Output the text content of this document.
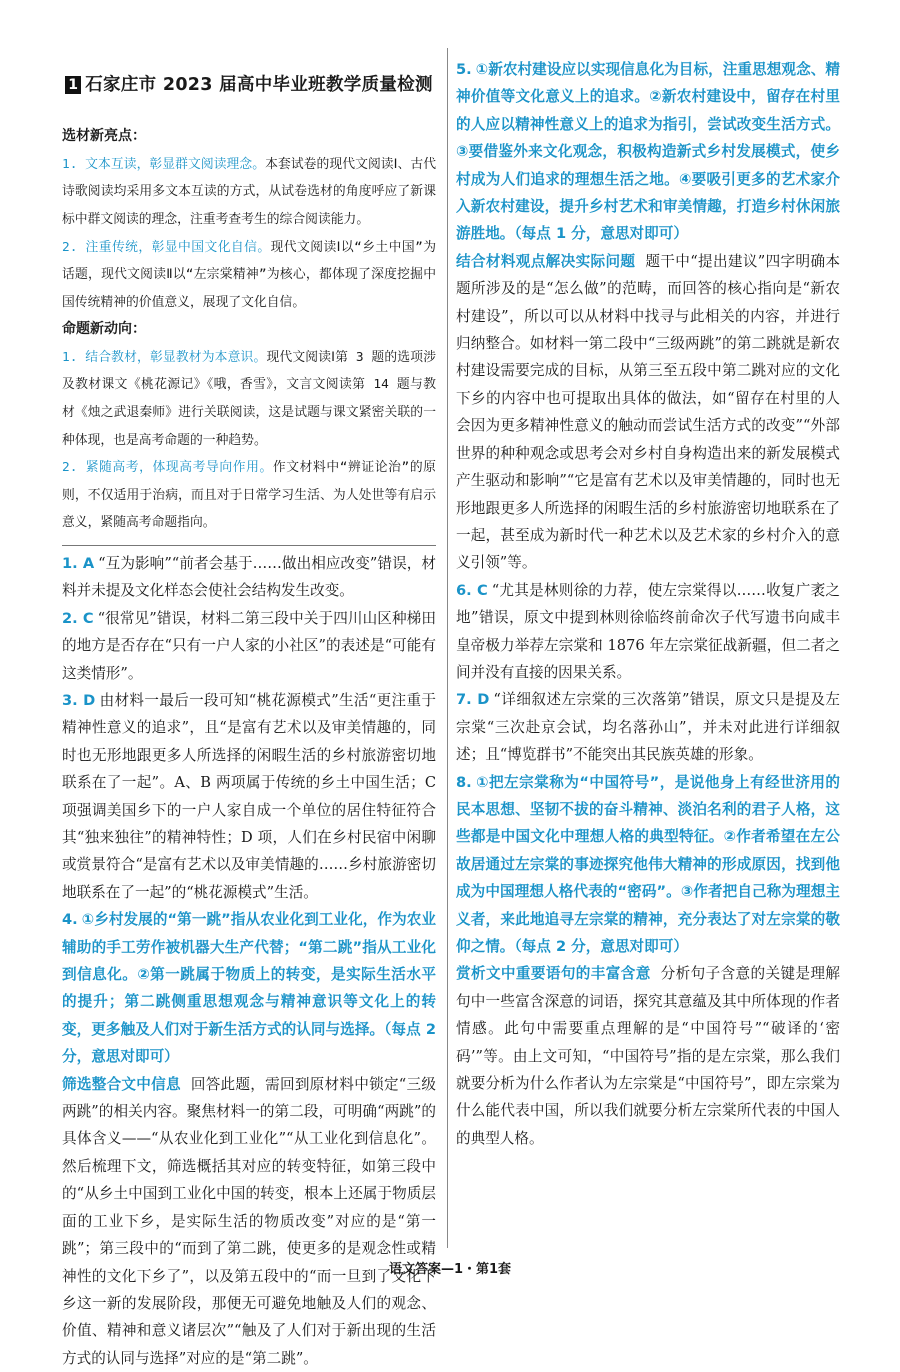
1 石家庄市 2023 届高中毕业班教学质量检测
选材新亮点：

1. 文本互读，彰显群文阅读理念。本套试卷的现代文阅读Ⅰ、古代诗歌阅读均采用多文本互读的方式，从试卷选材的角度呼应了新课标中群文阅读的理念，注重考查考生的综合阅读能力。

2. 注重传统，彰显中国文化自信。现代文阅读Ⅰ以“乡土中国”为话题，现代文阅读Ⅱ以“左宗棠精神”为核心，都体现了深度挖掘中国传统精神的价值意义，展现了文化自信。

命题新动向：

1. 结合教材，彰显教材为本意识。现代文阅读Ⅰ第 3 题的选项涉及教材课文《桃花源记》《哦，香雪》，文言文阅读第 14 题与教材《烛之武退秦师》进行关联阅读，这是试题与课文紧密关联的一种体现，也是高考命题的一种趋势。

2. 紧随高考，体现高考导向作用。作文材料中“辨证论治”的原则，不仅适用于治病，而且对于日常学习生活、为人处世等有启示意义，紧随高考命题指向。

1. A “互为影响”“前者会基于……做出相应改变”错误，材料并未提及文化样态会使社会结构发生改变。

2. C “很常见”错误，材料二第三段中关于四川山区种梯田的地方是否存在“只有一户人家的小社区”的表述是“可能有这类情形”。

3. D 由材料一最后一段可知“桃花源模式”生活“更注重于精神性意义的追求”，且“是富有艺术以及审美情趣的，同时也无形地跟更多人所选择的闲暇生活的乡村旅游密切地联系在了一起”。A、B 两项属于传统的乡土中国生活；C 项强调美国乡下的一户人家自成一个单位的居住特征符合其“独来独往”的精神特性；D 项，人们在乡村民宿中闲聊或赏景符合“是富有艺术以及审美情趣的……乡村旅游密切地联系在了一起”的“桃花源模式”生活。

4. ①乡村发展的“第一跳”指从农业化到工业化，作为农业辅助的手工劳作被机器大生产代替；“第二跳”指从工业化到信息化。②第一跳属于物质上的转变，是实际生活水平的提升；第二跳侧重思想观念与精神意识等文化上的转变，更多触及人们对于新生活方式的认同与选择。（每点 2 分，意思对即可）

筛选整合文中信息 回答此题，需回到原材料中锁定“三级两跳”的相关内容。聚焦材料一的第二段，可明确“两跳”的具体含义——“从农业化到工业化”“从工业化到信息化”。然后梳理下文，筛选概括其对应的转变特征，如第三段中的“从乡土中国到工业化中国的转变，根本上还属于物质层面的工业下乡，是实际生活的物质改变”对应的是“第一跳”；第三段中的“而到了第二跳，使更多的是观念性或精神性的文化下乡了”，以及第五段中的“而一旦到了文化下乡这一新的发展阶段，那便无可避免地触及人们的观念、价值、精神和意义诸层次”“触及了人们对于新出现的生活方式的认同与选择”对应的是“第二跳”。

5. ①新农村建设应以实现信息化为目标，注重思想观念、精神价值等文化意义上的追求。②新农村建设中，留存在村里的人应以精神性意义上的追求为指引，尝试改变生活方式。③要借鉴外来文化观念，积极构造新式乡村发展模式，使乡村成为人们追求的理想生活之地。④要吸引更多的艺术家介入新农村建设，提升乡村艺术和审美情趣，打造乡村休闲旅游胜地。（每点 1 分，意思对即可）

结合材料观点解决实际问题 题干中“提出建议”四字明确本题所涉及的是“怎么做”的范畴，而回答的核心指向是“新农村建设”，所以可以从材料中找寻与此相关的内容，并进行归纳整合。如材料一第二段中“三级两跳”的第二跳就是新农村建设需要完成的目标，从第三至五段中第二跳对应的文化下乡的内容中也可提取出具体的做法，如“留存在村里的人会因为更多精神性意义的触动而尝试生活方式的改变”“外部世界的种种观念或思考会对乡村自身构造出来的新发展模式产生驱动和影响”“它是富有艺术以及审美情趣的，同时也无形地跟更多人所选择的闲暇生活的乡村旅游密切地联系在了一起，甚至成为新时代一种艺术以及艺术家的乡村介入的意义引领”等。

6. C “尤其是林则徐的力荐，使左宗棠得以……收复广袤之地”错误，原文中提到林则徐临终前命次子代写遗书向咸丰皇帝极力举荐左宗棠和 1876 年左宗棠征战新疆，但二者之间并没有直接的因果关系。

7. D “详细叙述左宗棠的三次落第”错误，原文只是提及左宗棠“三次赴京会试，均名落孙山”，并未对此进行详细叙述；且“博览群书”不能突出其民族英雄的形象。

8. ①把左宗棠称为“中国符号”，是说他身上有经世济用的民本思想、坚韧不拔的奋斗精神、淡泊名利的君子人格，这些都是中国文化中理想人格的典型特征。②作者希望在左公故居通过左宗棠的事迹探究他伟大精神的形成原因，找到他成为中国理想人格代表的“密码”。③作者把自己称为理想主义者，来此地追寻左宗棠的精神，充分表达了对左宗棠的敬仰之情。（每点 2 分，意思对即可）

赏析文中重要语句的丰富含意 分析句子含意的关键是理解句中一些富含深意的词语，探究其意蕴及其中所体现的作者情感。此句中需要重点理解的是“中国符号”“破译的‘密码’”等。由上文可知，“中国符号”指的是左宗棠，那么我们就要分析为什么作者认为左宗棠是“中国符号”，即左宗棠为什么能代表中国，所以我们就要分析左宗棠所代表的中国人的典型人格。

语文答案—1・第1套
